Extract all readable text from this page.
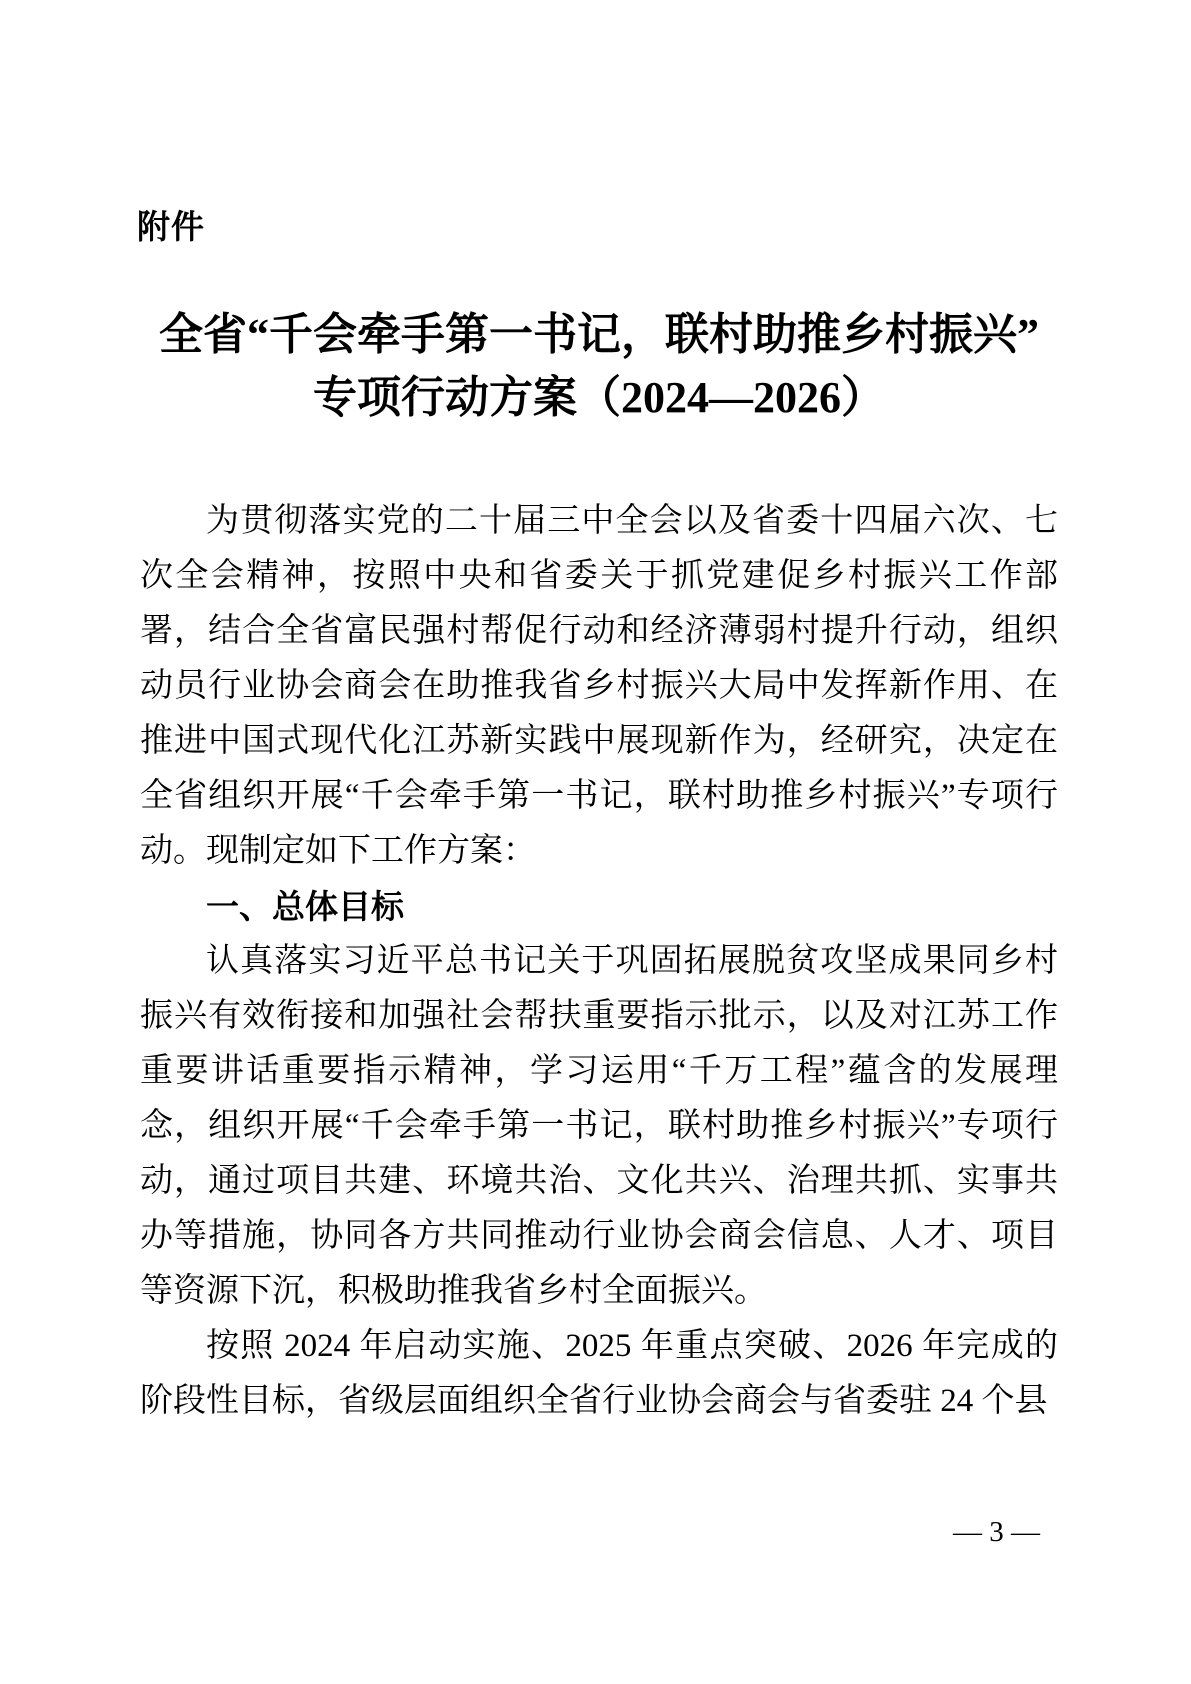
附件
全省“千会牵手第一书记，联村助推乡村振兴”
专项行动方案（2024—2026）

为贯彻落实党的二十届三中全会以及省委十四届六次、七次全会精神，按照中央和省委关于抓党建促乡村振兴工作部署，结合全省富民强村帮促行动和经济薄弱村提升行动，组织动员行业协会商会在助推我省乡村振兴大局中发挥新作用、在推进中国式现代化江苏新实践中展现新作为，经研究，决定在全省组织开展“千会牵手第一书记，联村助推乡村振兴”专项行动。现制定如下工作方案：

一、总体目标

认真落实习近平总书记关于巩固拓展脱贫攻坚成果同乡村振兴有效衔接和加强社会帮扶重要指示批示，以及对江苏工作重要讲话重要指示精神，学习运用“千万工程”蕴含的发展理念，组织开展“千会牵手第一书记，联村助推乡村振兴”专项行动，通过项目共建、环境共治、文化共兴、治理共抓、实事共办等措施，协同各方共同推动行业协会商会信息、人才、项目等资源下沉，积极助推我省乡村全面振兴。

按照 2024 年启动实施、2025 年重点突破、2026 年完成的阶段性目标，省级层面组织全省行业协会商会与省委驻 24 个县

— 3 —
